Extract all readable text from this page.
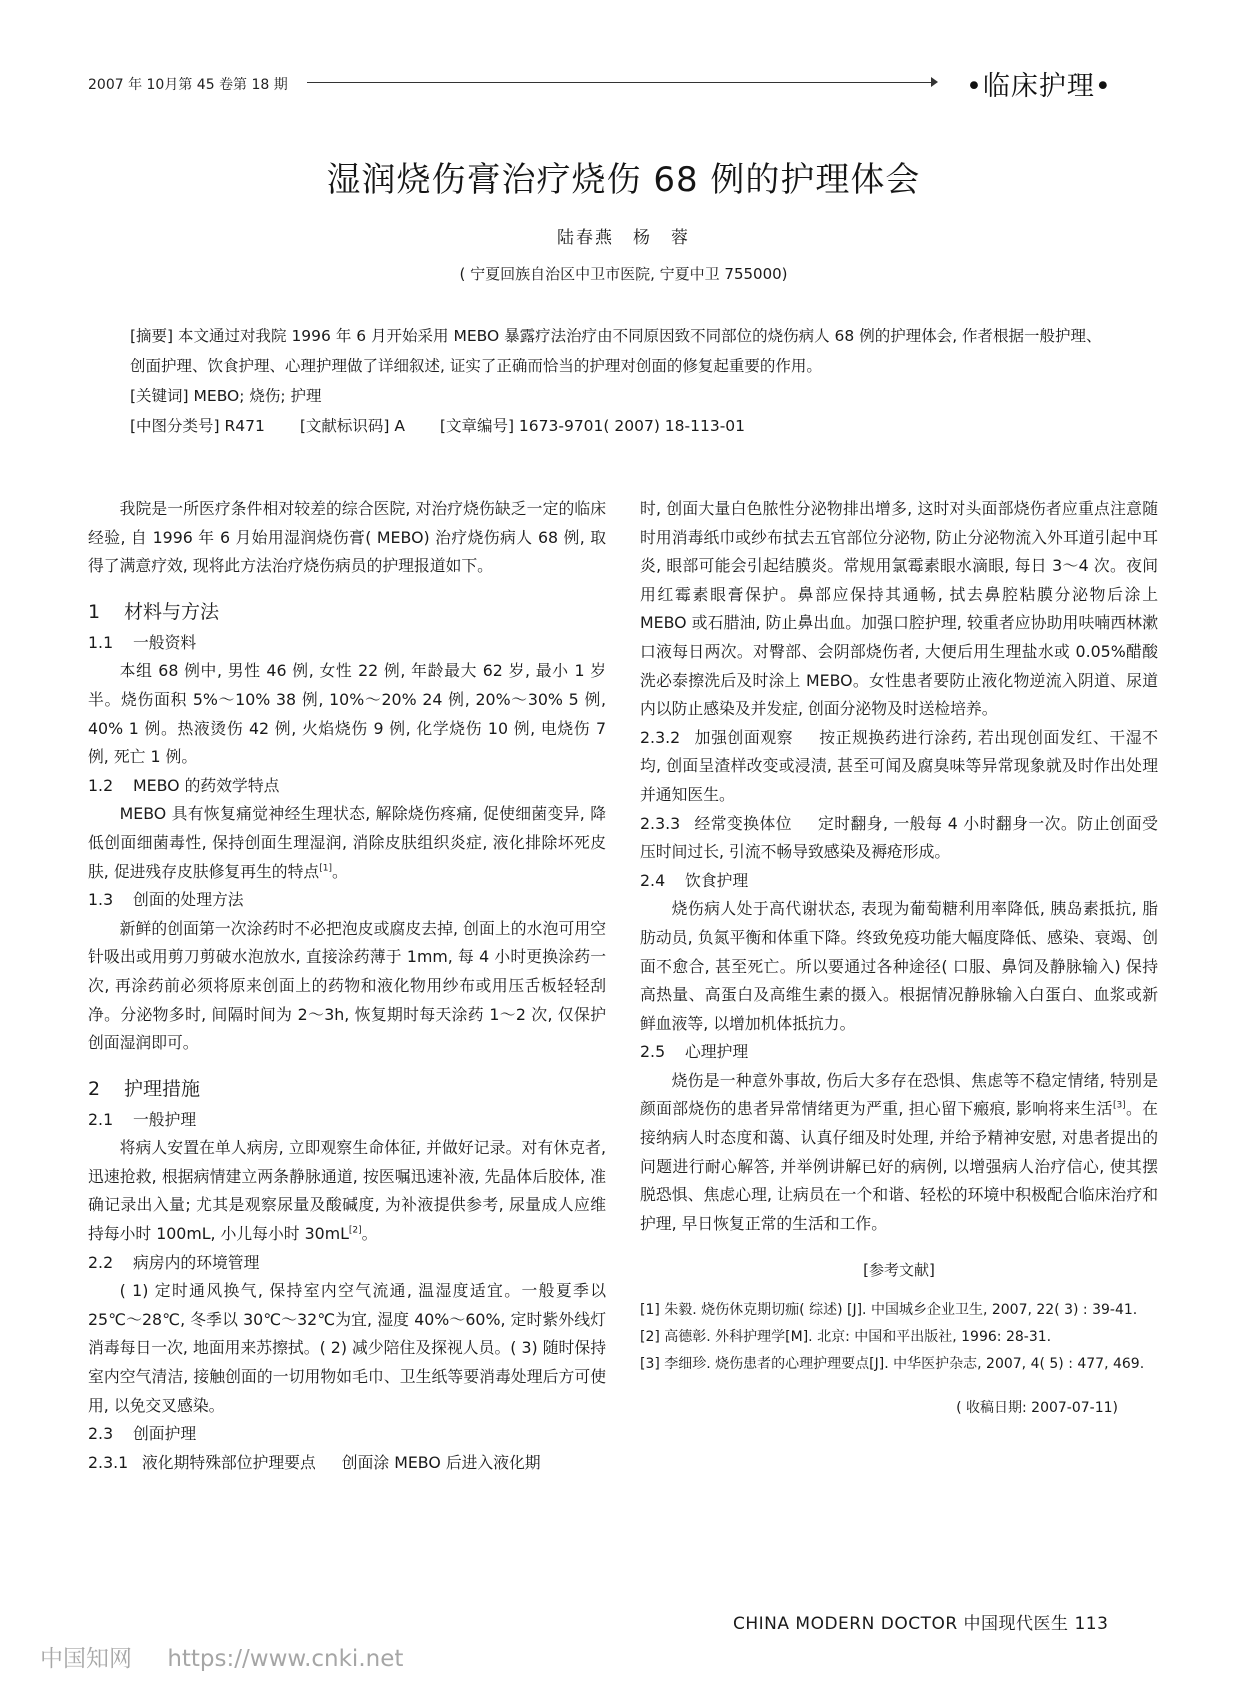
2007 年 10月第 45 卷第 18 期	•临床护理•
湿润烧伤膏治疗烧伤 68 例的护理体会
陆春燕　杨　蓉
( 宁夏回族自治区中卫市医院, 宁夏中卫 755000)

[摘要] 本文通过对我院 1996 年 6 月开始采用 MEBO 暴露疗法治疗由不同原因致不同部位的烧伤病人 68 例的护理体会, 作者根据一般护理、创面护理、饮食护理、心理护理做了详细叙述, 证实了正确而恰当的护理对创面的修复起重要的作用。

[关键词] MEBO; 烧伤; 护理

[中图分类号] R471 [文献标识码] A [文章编号] 1673-9701( 2007) 18-113-01

我院是一所医疗条件相对较差的综合医院, 对治疗烧伤缺乏一定的临床经验, 自 1996 年 6 月始用湿润烧伤膏( MEBO) 治疗烧伤病人 68 例, 取得了满意疗效, 现将此方法治疗烧伤病员的护理报道如下。

1 材料与方法

1.1 一般资料

本组 68 例中, 男性 46 例, 女性 22 例, 年龄最大 62 岁, 最小 1 岁半。烧伤面积 5%～10% 38 例, 10%～20% 24 例, 20%～30% 5 例, 40% 1 例。热液烫伤 42 例, 火焰烧伤 9 例, 化学烧伤 10 例, 电烧伤 7 例, 死亡 1 例。

1.2 MEBO 的药效学特点

MEBO 具有恢复痛觉神经生理状态, 解除烧伤疼痛, 促使细菌变异, 降低创面细菌毒性, 保持创面生理湿润, 消除皮肤组织炎症, 液化排除坏死皮肤, 促进残存皮肤修复再生的特点[1]。

1.3 创面的处理方法

新鲜的创面第一次涂药时不必把泡皮或腐皮去掉, 创面上的水泡可用空针吸出或用剪刀剪破水泡放水, 直接涂药薄于 1mm, 每 4 小时更换涂药一次, 再涂药前必须将原来创面上的药物和液化物用纱布或用压舌板轻轻刮净。分泌物多时, 间隔时间为 2～3h, 恢复期时每天涂药 1～2 次, 仅保护创面湿润即可。

2 护理措施

2.1 一般护理

将病人安置在单人病房, 立即观察生命体征, 并做好记录。对有休克者, 迅速抢救, 根据病情建立两条静脉通道, 按医嘱迅速补液, 先晶体后胶体, 准确记录出入量; 尤其是观察尿量及酸碱度, 为补液提供参考, 尿量成人应维持每小时 100mL, 小儿每小时 30mL[2]。

2.2 病房内的环境管理

( 1) 定时通风换气, 保持室内空气流通, 温湿度适宜。一般夏季以 25℃～28℃, 冬季以 30℃～32℃为宜, 湿度 40%～60%, 定时紫外线灯消毒每日一次, 地面用来苏擦拭。( 2) 减少陪住及探视人员。( 3) 随时保持室内空气清洁, 接触创面的一切用物如毛巾、卫生纸等要消毒处理后方可使用, 以免交叉感染。

2.3 创面护理

2.3.1 液化期特殊部位护理要点 创面涂 MEBO 后进入液化期

时, 创面大量白色脓性分泌物排出增多, 这时对头面部烧伤者应重点注意随时用消毒纸巾或纱布拭去五官部位分泌物, 防止分泌物流入外耳道引起中耳炎, 眼部可能会引起结膜炎。常规用氯霉素眼水滴眼, 每日 3～4 次。夜间用红霉素眼膏保护。鼻部应保持其通畅, 拭去鼻腔粘膜分泌物后涂上 MEBO 或石腊油, 防止鼻出血。加强口腔护理, 较重者应协助用呋喃西林漱口液每日两次。对臀部、会阴部烧伤者, 大便后用生理盐水或 0.05%醋酸洗必泰擦洗后及时涂上 MEBO。女性患者要防止液化物逆流入阴道、尿道内以防止感染及并发症, 创面分泌物及时送检培养。

2.3.2 加强创面观察 按正规换药进行涂药, 若出现创面发红、干湿不均, 创面呈渣样改变或浸渍, 甚至可闻及腐臭味等异常现象就及时作出处理并通知医生。

2.3.3 经常变换体位 定时翻身, 一般每 4 小时翻身一次。防止创面受压时间过长, 引流不畅导致感染及褥疮形成。

2.4 饮食护理

烧伤病人处于高代谢状态, 表现为葡萄糖利用率降低, 胰岛素抵抗, 脂肪动员, 负氮平衡和体重下降。终致免疫功能大幅度降低、感染、衰竭、创面不愈合, 甚至死亡。所以要通过各种途径( 口服、鼻饲及静脉输入) 保持高热量、高蛋白及高维生素的摄入。根据情况静脉输入白蛋白、血浆或新鲜血液等, 以增加机体抵抗力。

2.5 心理护理

烧伤是一种意外事故, 伤后大多存在恐惧、焦虑等不稳定情绪, 特别是颜面部烧伤的患者异常情绪更为严重, 担心留下瘢痕, 影响将来生活[3]。在接纳病人时态度和蔼、认真仔细及时处理, 并给予精神安慰, 对患者提出的问题进行耐心解答, 并举例讲解已好的病例, 以增强病人治疗信心, 使其摆脱恐惧、焦虑心理, 让病员在一个和谐、轻松的环境中积极配合临床治疗和护理, 早日恢复正常的生活和工作。

[参考文献]

[1] 朱毅. 烧伤休克期切痂( 综述) [J]. 中国城乡企业卫生, 2007, 22( 3) : 39-41.

[2] 高德彰. 外科护理学[M]. 北京: 中国和平出版社, 1996: 28-31.

[3] 李细珍. 烧伤患者的心理护理要点[J]. 中华医护杂志, 2007, 4( 5) : 477, 469.

( 收稿日期: 2007-07-11)

CHINA MODERN DOCTOR 中国现代医生 113
中国知网 https://www.cnki.net
